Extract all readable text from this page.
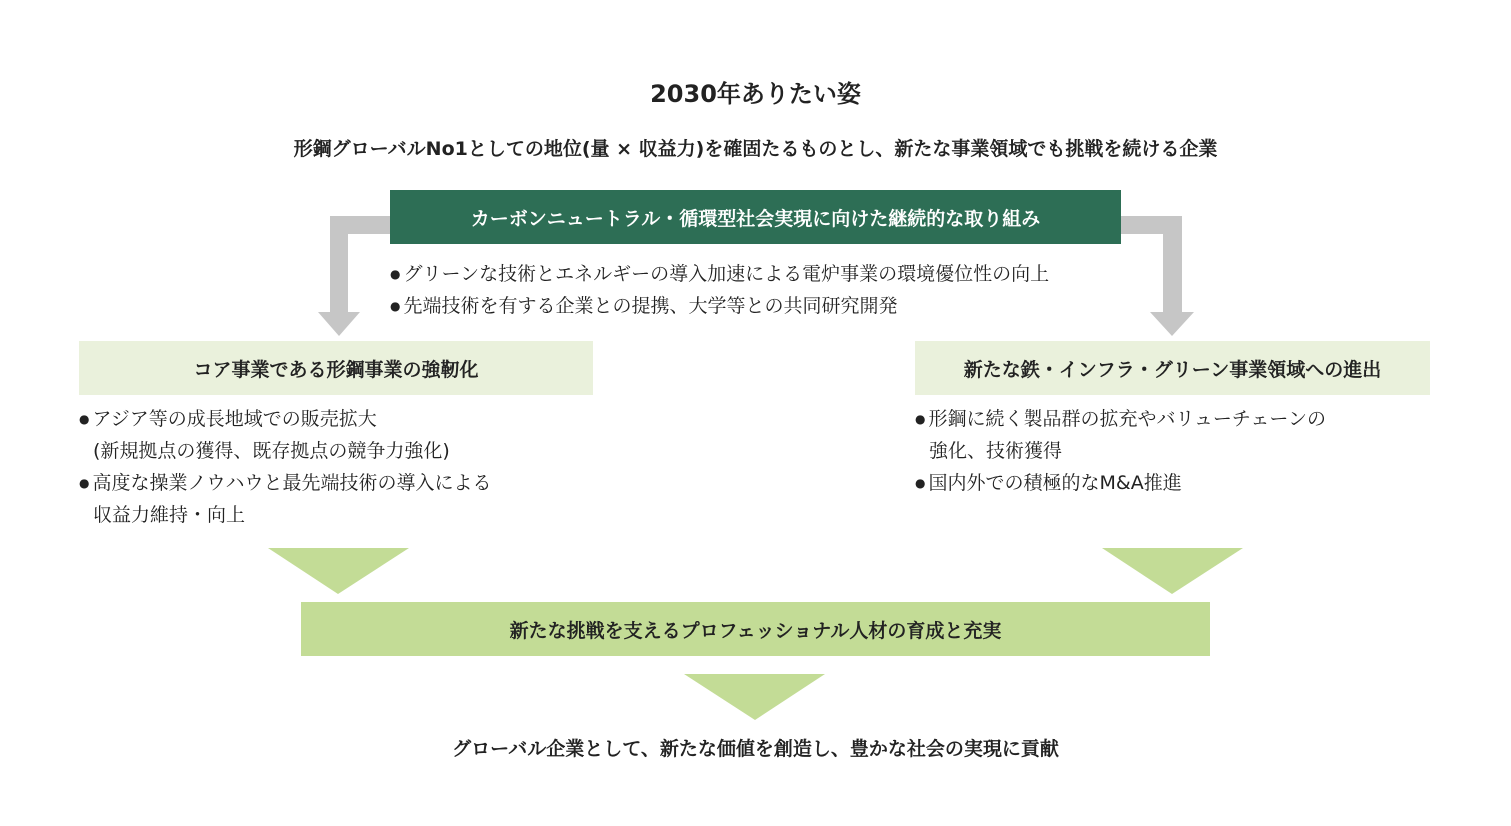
2030年ありたい姿
形鋼グローバルNo1としての地位(量 × 収益力)を確固たるものとし、新たな事業領域でも挑戦を続ける企業
カーボンニュートラル・循環型社会実現に向けた継続的な取り組み
● グリーンな技術とエネルギーの導入加速による電炉事業の環境優位性の向上
● 先端技術を有する企業との提携、大学等との共同研究開発
コア事業である形鋼事業の強靭化
● アジア等の成長地域での販売拡大
(新規拠点の獲得、既存拠点の競争力強化)
● 高度な操業ノウハウと最先端技術の導入による
収益力維持・向上
新たな鉄・インフラ・グリーン事業領域への進出
● 形鋼に続く製品群の拡充やバリューチェーンの
強化、技術獲得
● 国内外での積極的なM&A推進
新たな挑戦を支えるプロフェッショナル人材の育成と充実
グローバル企業として、新たな価値を創造し、豊かな社会の実現に貢献
